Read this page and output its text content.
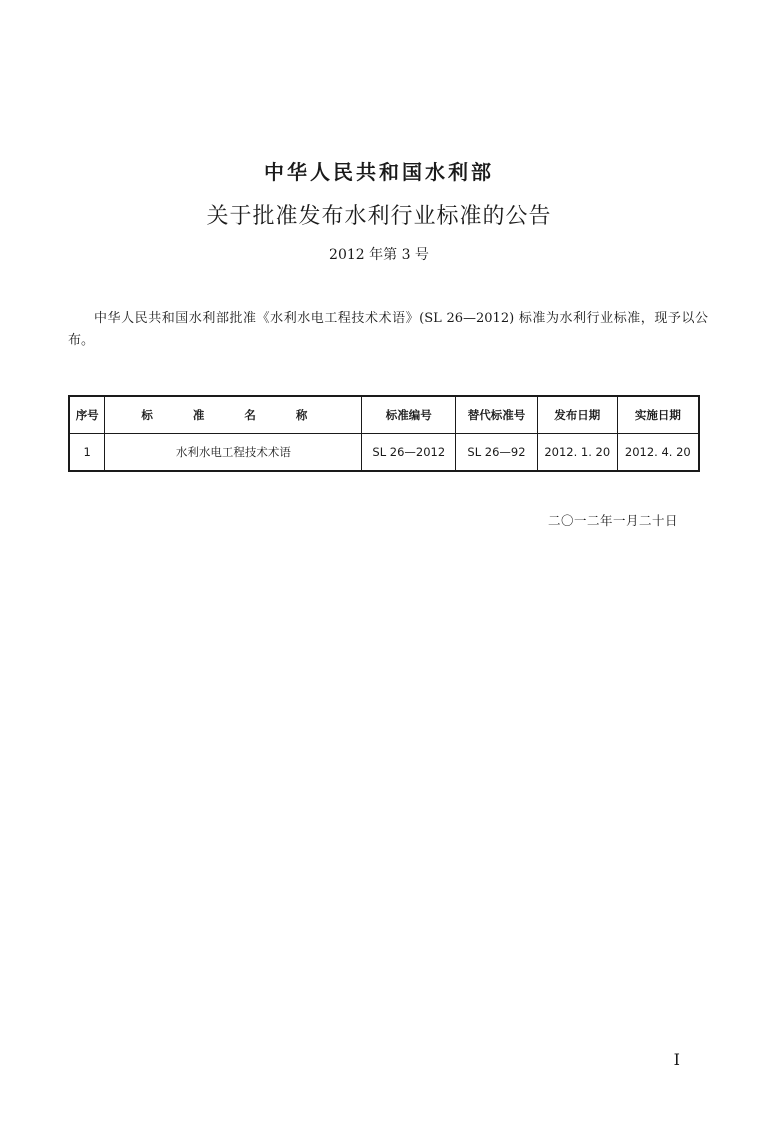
中华人民共和国水利部
关于批准发布水利行业标准的公告
2012 年第 3 号
中华人民共和国水利部批准《水利水电工程技术术语》(SL 26—2012) 标准为水利行业标准，现予以公布。
序号	标 准 名 称	标准编号	替代标准号	发布日期	实施日期
1	水利水电工程技术术语	SL 26—2012	SL 26—92	2012. 1. 20	2012. 4. 20
二〇一二年一月二十日
I
